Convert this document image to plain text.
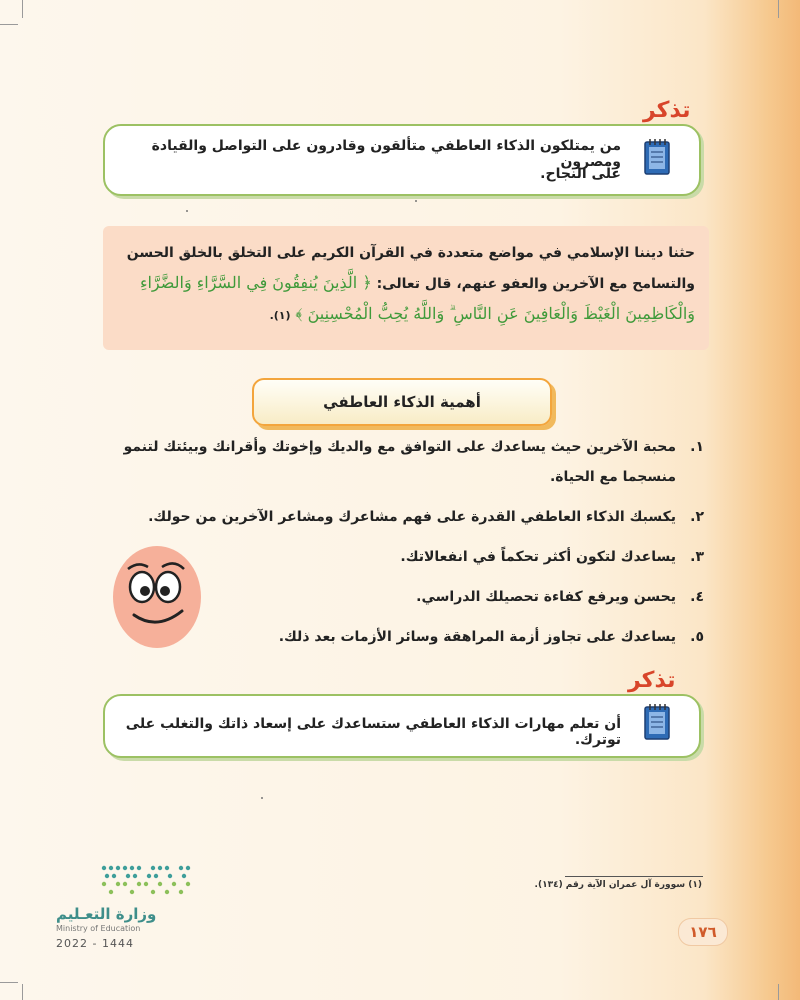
تذكر
من يمتلكون الذكاء العاطفي متألقون وقادرون على التواصل والقيادة ومصرون
على النجاح.
حثنا ديننا الإسلامي في مواضع متعددة في القرآن الكريم على التخلق بالخلق الحسن
والتسامح مع الآخرين والعفو عنهم، قال تعالى: ﴿ الَّذِينَ يُنفِقُونَ فِي السَّرَّاءِ وَالضَّرَّاءِ
وَالْكَاظِمِينَ الْغَيْظَ وَالْعَافِينَ عَنِ النَّاسِ ۗ وَاللَّهُ يُحِبُّ الْمُحْسِنِينَ ﴾ (١).
أهمية الذكاء العاطفي
١.
محبة الآخرين حيث يساعدك على التوافق مع والديك وإخوتك وأقرانك وبيئتك لتنمو منسجما مع الحياة.
٢.
يكسبك الذكاء العاطفي القدرة على فهم مشاعرك ومشاعر الآخرين من حولك.
٣.
يساعدك لتكون أكثر تحكماً في انفعالاتك.
٤.
يحسن ويرفع كفاءة تحصيلك الدراسي.
٥.
يساعدك على تجاوز أزمة المراهقة وسائر الأزمات بعد ذلك.
تذكر
أن تعلم مهارات الذكاء العاطفي ستساعدك على إسعاد ذاتك والتغلب على توترك.
(١) سوورة آل عمران الآية رقم (١٣٤).
١٧٦
وزارة التعـليم
Ministry of Education
2022 - 1444
